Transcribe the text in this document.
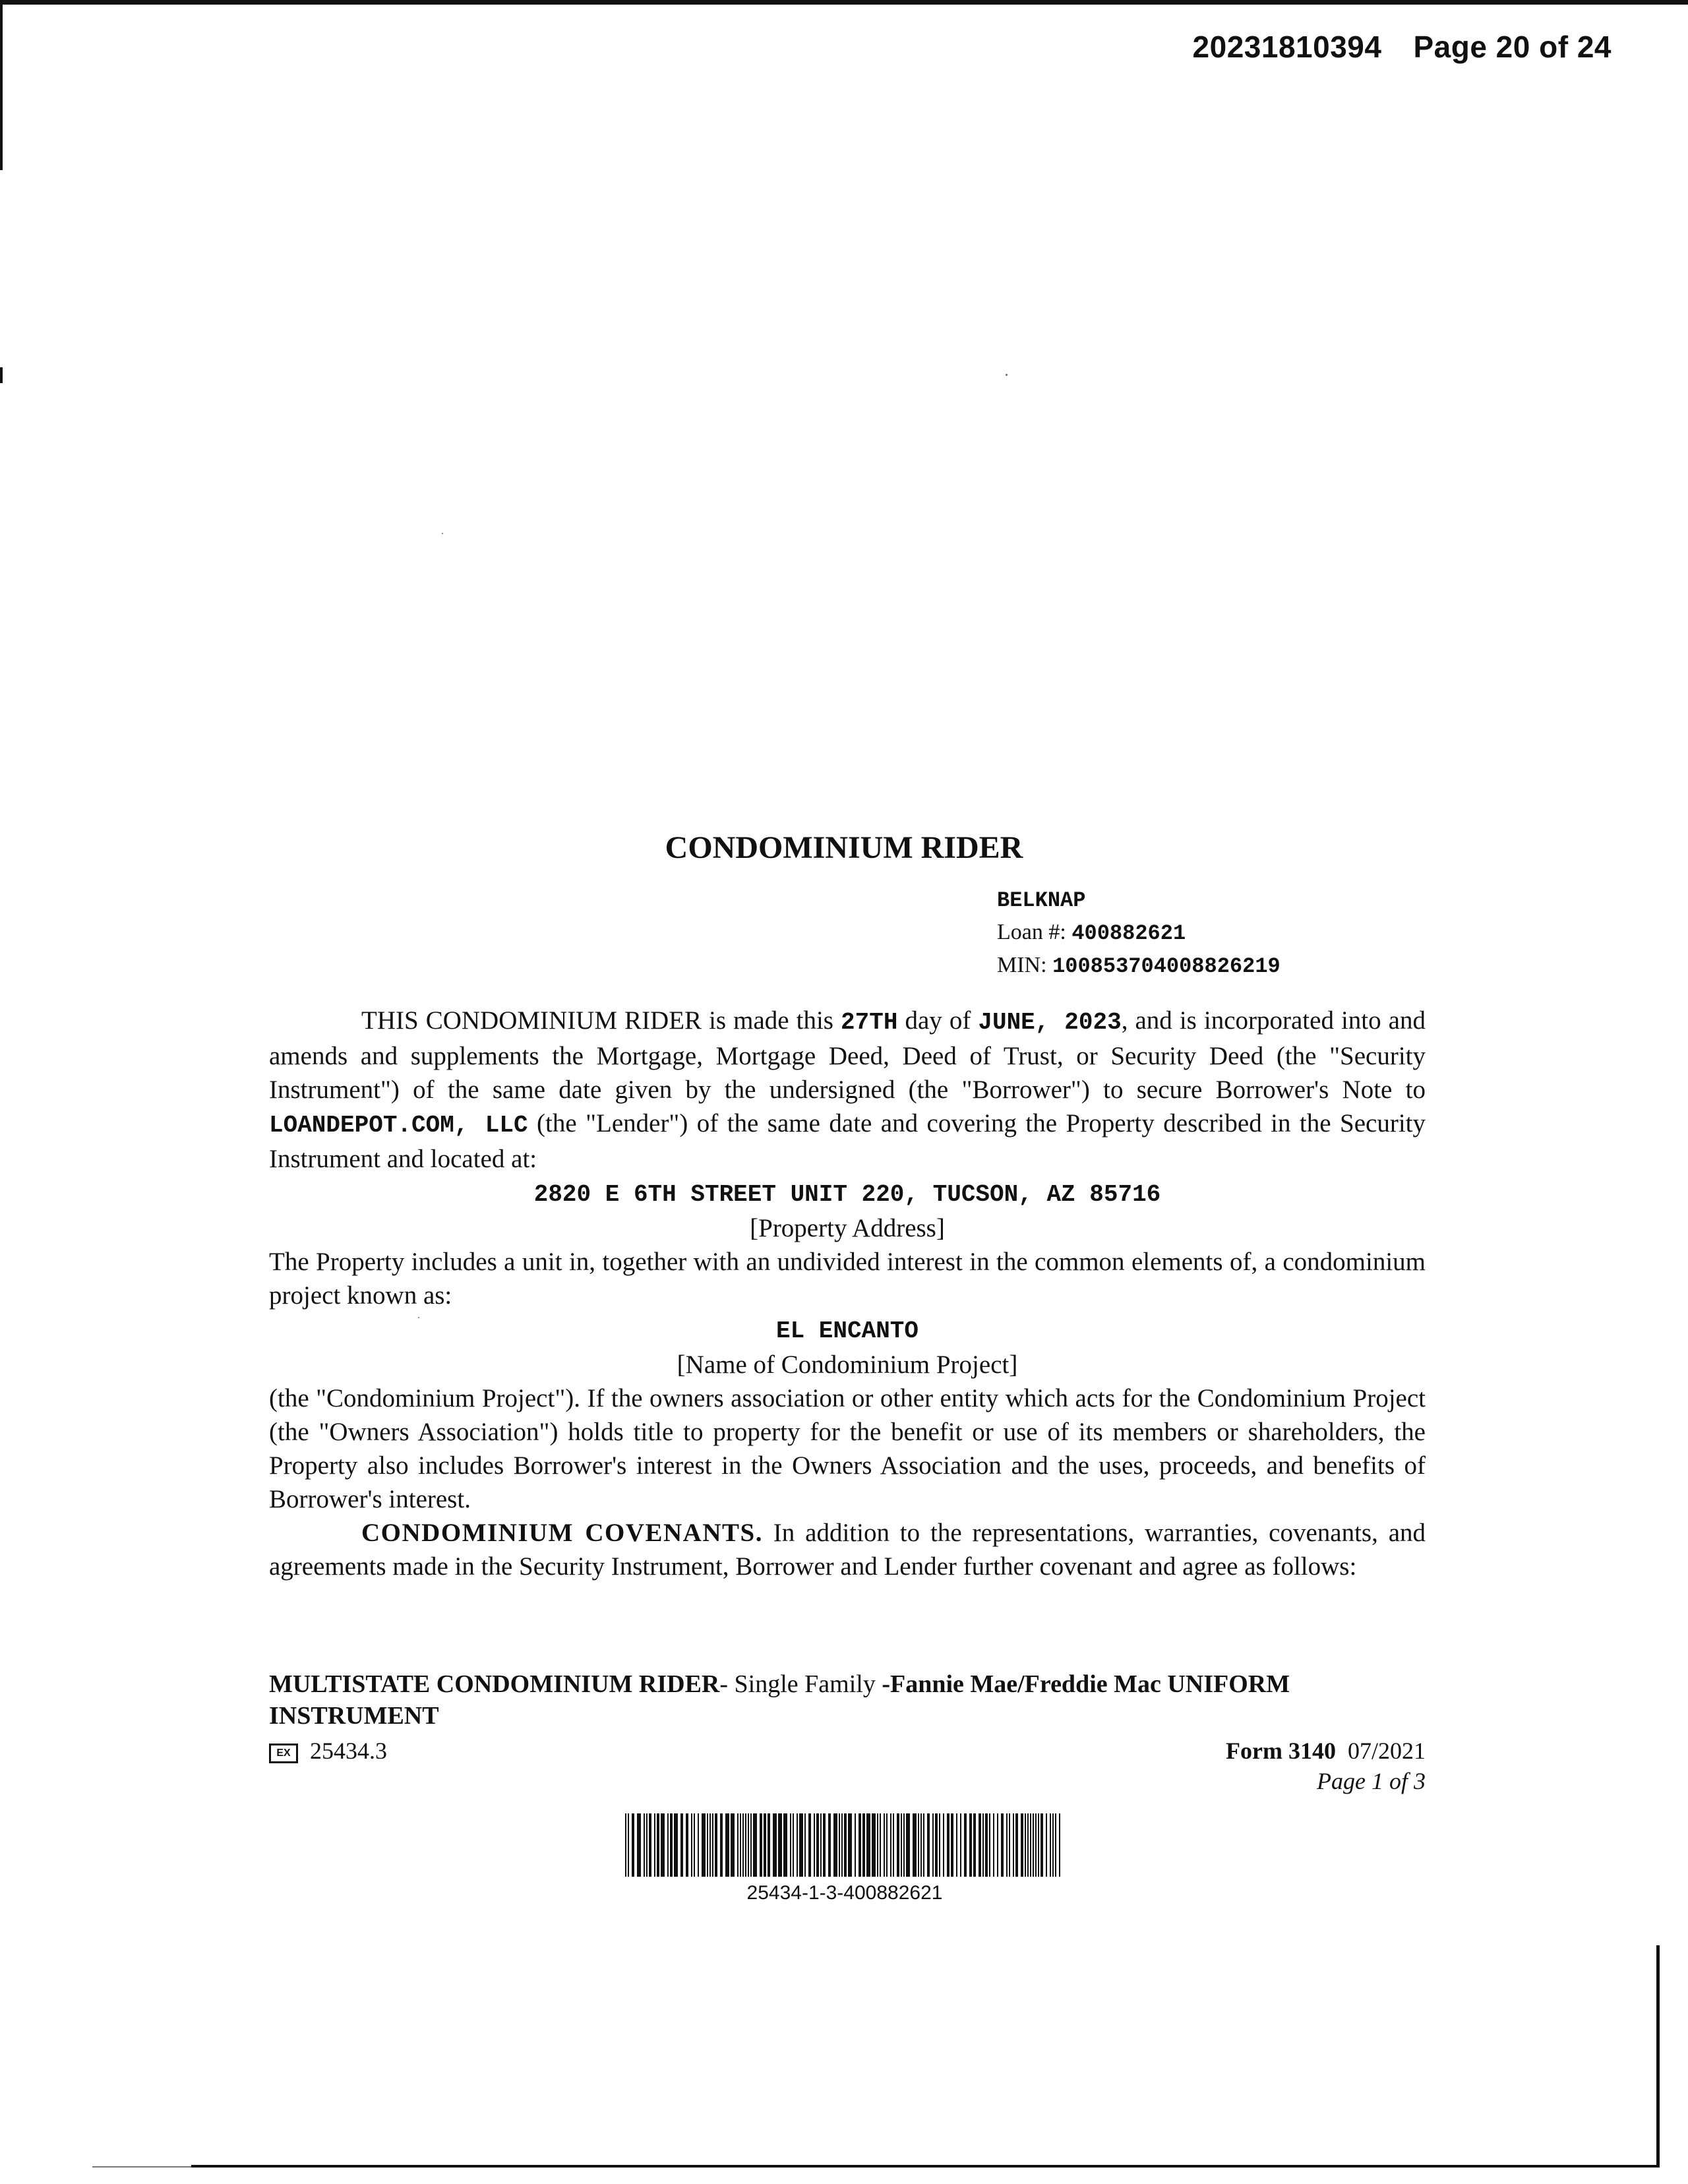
20231810394 Page 20 of 24
CONDOMINIUM RIDER
BELKNAP
Loan #: 400882621
MIN: 100853704008826219
THIS CONDOMINIUM RIDER is made this 27TH day of JUNE, 2023, and is incorporated into and amends and supplements the Mortgage, Mortgage Deed, Deed of Trust, or Security Deed (the "Security Instrument") of the same date given by the undersigned (the "Borrower") to secure Borrower's Note to LOANDEPOT.COM, LLC (the "Lender") of the same date and covering the Property described in the Security Instrument and located at:
2820 E 6TH STREET UNIT 220, TUCSON, AZ 85716
[Property Address]
The Property includes a unit in, together with an undivided interest in the common elements of, a condominium project known as:
EL ENCANTO
[Name of Condominium Project]
(the "Condominium Project"). If the owners association or other entity which acts for the Condominium Project (the "Owners Association") holds title to property for the benefit or use of its members or shareholders, the Property also includes Borrower's interest in the Owners Association and the uses, proceeds, and benefits of Borrower's interest.
CONDOMINIUM COVENANTS. In addition to the representations, warranties, covenants, and agreements made in the Security Instrument, Borrower and Lender further covenant and agree as follows:
MULTISTATE CONDOMINIUM RIDER- Single Family -Fannie Mae/Freddie Mac UNIFORM INSTRUMENT
EX 25434.3	Form 3140 07/2021
Page 1 of 3
25434-1-3-400882621
